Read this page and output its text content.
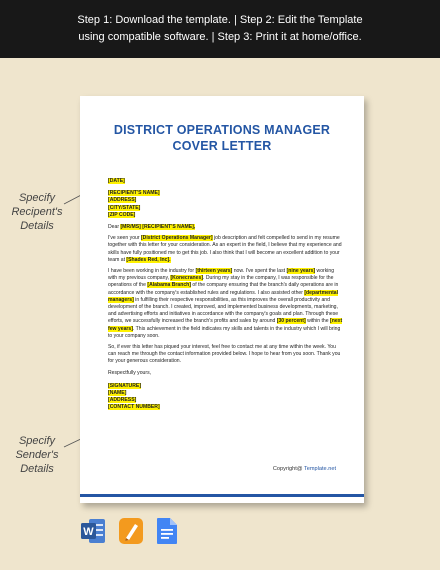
Step 1: Download the template. | Step 2: Edit the Template
using compatible software. | Step 3: Print it at home/office.
Specify
Recipent's
Details
Specify
Sender's
Details
DISTRICT OPERATIONS MANAGER
COVER LETTER
[DATE]
[RECIPIENT'S NAME]
[ADDRESS]
[CITY/STATE]
[ZIP CODE]

Dear [MR/MS] [RECIPIENT'S NAME],

I've seen your [District Operations Manager] job description and felt compelled to send in my resume together with this letter for your consideration. As an expert in the field, I believe that my experience and skills have fully positioned me to get this job. I also think that I will become an excellent addition to your team at [Shades Red, Inc].

I have been working in the industry for [thirteen years] now. I've spent the last [nine years] working with my previous company, [Konecranes]. During my stay in the company, I was responsible for the operations of the [Alabama Branch] of the company ensuring that the branch's daily operations are in accordance with the company's established rules and regulations. I also assisted other [departmental managers] in fulfilling their respective responsibilities, as this improves the overall productivity and development of the branch. I created, improved, and implemented business developments, marketing, and advertising efforts and initiatives in accordance with the company's goals and plan. Through these efforts, we successfully increased the branch's profits and sales by around [30 percent] within the [next few years]. This achievement in the field indicates my skills and talents in the industry which I will bring to your company soon.

So, if ever this letter has piqued your interest, feel free to contact me at any time within the week. You can reach me through the contact information provided below. I hope to hear from you soon. Thank you for your generous consideration.

Respectfully yours,

[SIGNATURE]
[NAME]
[ADDRESS]
[CONTACT NUMBER]
Copyright@ Template.net
W
